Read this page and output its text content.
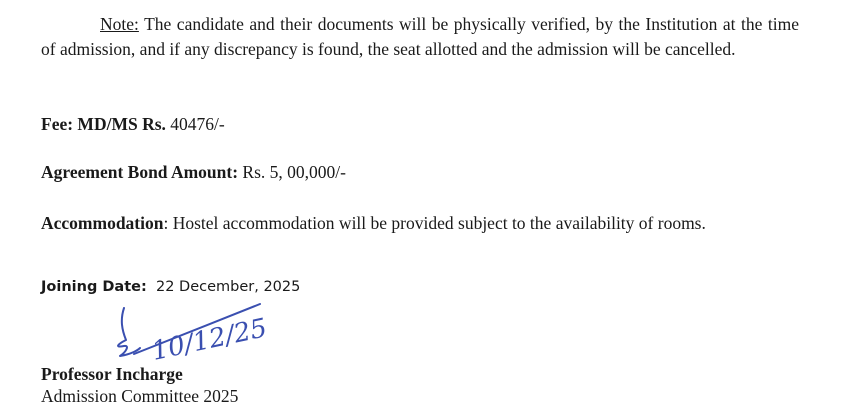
Note: The candidate and their documents will be physically verified, by the Institution at the time of admission, and if any discrepancy is found, the seat allotted and the admission will be cancelled.
Fee: MD/MS Rs. 40476/-
Agreement Bond Amount: Rs. 5, 00,000/-
Accommodation: Hostel accommodation will be provided subject to the availability of rooms.
Joining Date:  22 December, 2025
10/12/25
Professor Incharge
Admission Committee 2025
